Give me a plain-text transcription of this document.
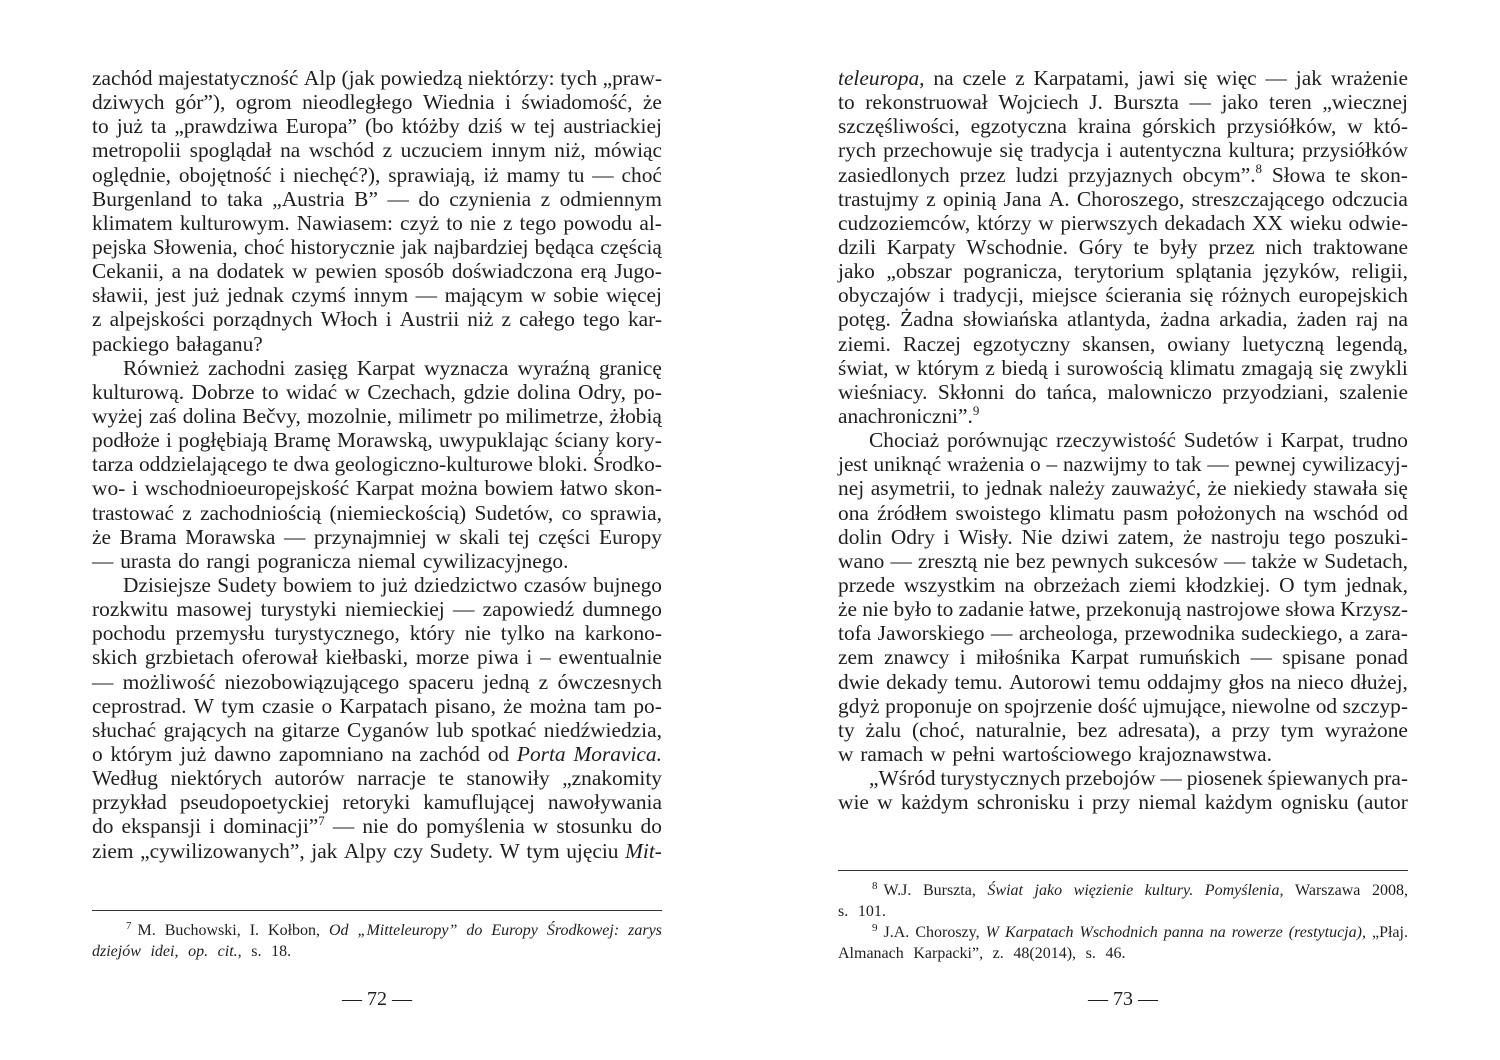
zachód majestatyczność Alp (jak powiedzą niektórzy: tych „praw-
dziwych gór”), ogrom nieodległego Wiednia i świadomość, że
to już ta „prawdziwa Europa” (bo któżby dziś w tej austriackiej
metropolii spoglądał na wschód z uczuciem innym niż, mówiąc
oględnie, obojętność i niechęć?), sprawiają, iż mamy tu — choć
Burgenland to taka „Austria B” — do czynienia z odmiennym
klimatem kulturowym. Nawiasem: czyż to nie z tego powodu al-
pejska Słowenia, choć historycznie jak najbardziej będąca częścią
Cekanii, a na dodatek w pewien sposób doświadczona erą Jugo-
sławii, jest już jednak czymś innym — mającym w sobie więcej
z alpejskości porządnych Włoch i Austrii niż z całego tego kar-
packiego bałaganu?
Również zachodni zasięg Karpat wyznacza wyraźną granicę
kulturową. Dobrze to widać w Czechach, gdzie dolina Odry, po-
wyżej zaś dolina Bečvy, mozolnie, milimetr po milimetrze, żłobią
podłoże i pogłębiają Bramę Morawską, uwypuklając ściany kory-
tarza oddzielającego te dwa geologiczno-kulturowe bloki. Środko-
wo- i wschodnioeuropejskość Karpat można bowiem łatwo skon-
trastować z zachodniością (niemieckością) Sudetów, co sprawia,
że Brama Morawska — przynajmniej w skali tej części Europy
— urasta do rangi pogranicza niemal cywilizacyjnego.
Dzisiejsze Sudety bowiem to już dziedzictwo czasów bujnego
rozkwitu masowej turystyki niemieckiej — zapowiedź dumnego
pochodu przemysłu turystycznego, który nie tylko na karkono-
skich grzbietach oferował kiełbaski, morze piwa i – ewentualnie
— możliwość niezobowiązującego spaceru jedną z ówczesnych
ceprostrad. W tym czasie o Karpatach pisano, że można tam po-
słuchać grających na gitarze Cyganów lub spotkać niedźwiedzia,
o którym już dawno zapomniano na zachód od Porta Moravica.
Według niektórych autorów narracje te stanowiły „znakomity
przykład pseudopoetyckiej retoryki kamuflującej nawoływania
do ekspansji i dominacji”7 — nie do pomyślenia w stosunku do
ziem „cywilizowanych”, jak Alpy czy Sudety. W tym ujęciu Mit-
$^7$ M. Buchowski, I. Kołbon, Od „Mitteleuropy” do Europy Środkowej: zarys
dziejów idei, op. cit., s. 18.
— 72 —
teleuropa, na czele z Karpatami, jawi się więc — jak wrażenie
to rekonstruował Wojciech J. Burszta — jako teren „wiecznej
szczęśliwości, egzotyczna kraina górskich przysiółków, w któ-
rych przechowuje się tradycja i autentyczna kultura; przysiółków
zasiedlonych przez ludzi przyjaznych obcym”.8 Słowa te skon-
trastujmy z opinią Jana A. Choroszego, streszczającego odczucia
cudzoziemców, którzy w pierwszych dekadach XX wieku odwie-
dzili Karpaty Wschodnie. Góry te były przez nich traktowane
jako „obszar pogranicza, terytorium splątania języków, religii,
obyczajów i tradycji, miejsce ścierania się różnych europejskich
potęg. Żadna słowiańska atlantyda, żadna arkadia, żaden raj na
ziemi. Raczej egzotyczny skansen, owiany luetyczną legendą,
świat, w którym z biedą i surowością klimatu zmagają się zwykli
wieśniacy. Skłonni do tańca, malowniczo przyodziani, szalenie
anachroniczni”.9
Chociaż porównując rzeczywistość Sudetów i Karpat, trudno
jest uniknąć wrażenia o – nazwijmy to tak — pewnej cywilizacyj-
nej asymetrii, to jednak należy zauważyć, że niekiedy stawała się
ona źródłem swoistego klimatu pasm położonych na wschód od
dolin Odry i Wisły. Nie dziwi zatem, że nastroju tego poszuki-
wano — zresztą nie bez pewnych sukcesów — także w Sudetach,
przede wszystkim na obrzeżach ziemi kłodzkiej. O tym jednak,
że nie było to zadanie łatwe, przekonują nastrojowe słowa Krzysz-
tofa Jaworskiego — archeologa, przewodnika sudeckiego, a zara-
zem znawcy i miłośnika Karpat rumuńskich — spisane ponad
dwie dekady temu. Autorowi temu oddajmy głos na nieco dłużej,
gdyż proponuje on spojrzenie dość ujmujące, niewolne od szczyp-
ty żalu (choć, naturalnie, bez adresata), a przy tym wyrażone
w ramach w pełni wartościowego krajoznawstwa.
„Wśród turystycznych przebojów — piosenek śpiewanych pra-
wie w każdym schronisku i przy niemal każdym ognisku (autor
$^8$ W.J. Burszta, Świat jako więzienie kultury. Pomyślenia, Warszawa 2008,
s. 101.
$^9$ J.A. Choroszy, W Karpatach Wschodnich panna na rowerze (restytucja), „Płaj.
Almanach Karpacki”, z. 48(2014), s. 46.
— 73 —
